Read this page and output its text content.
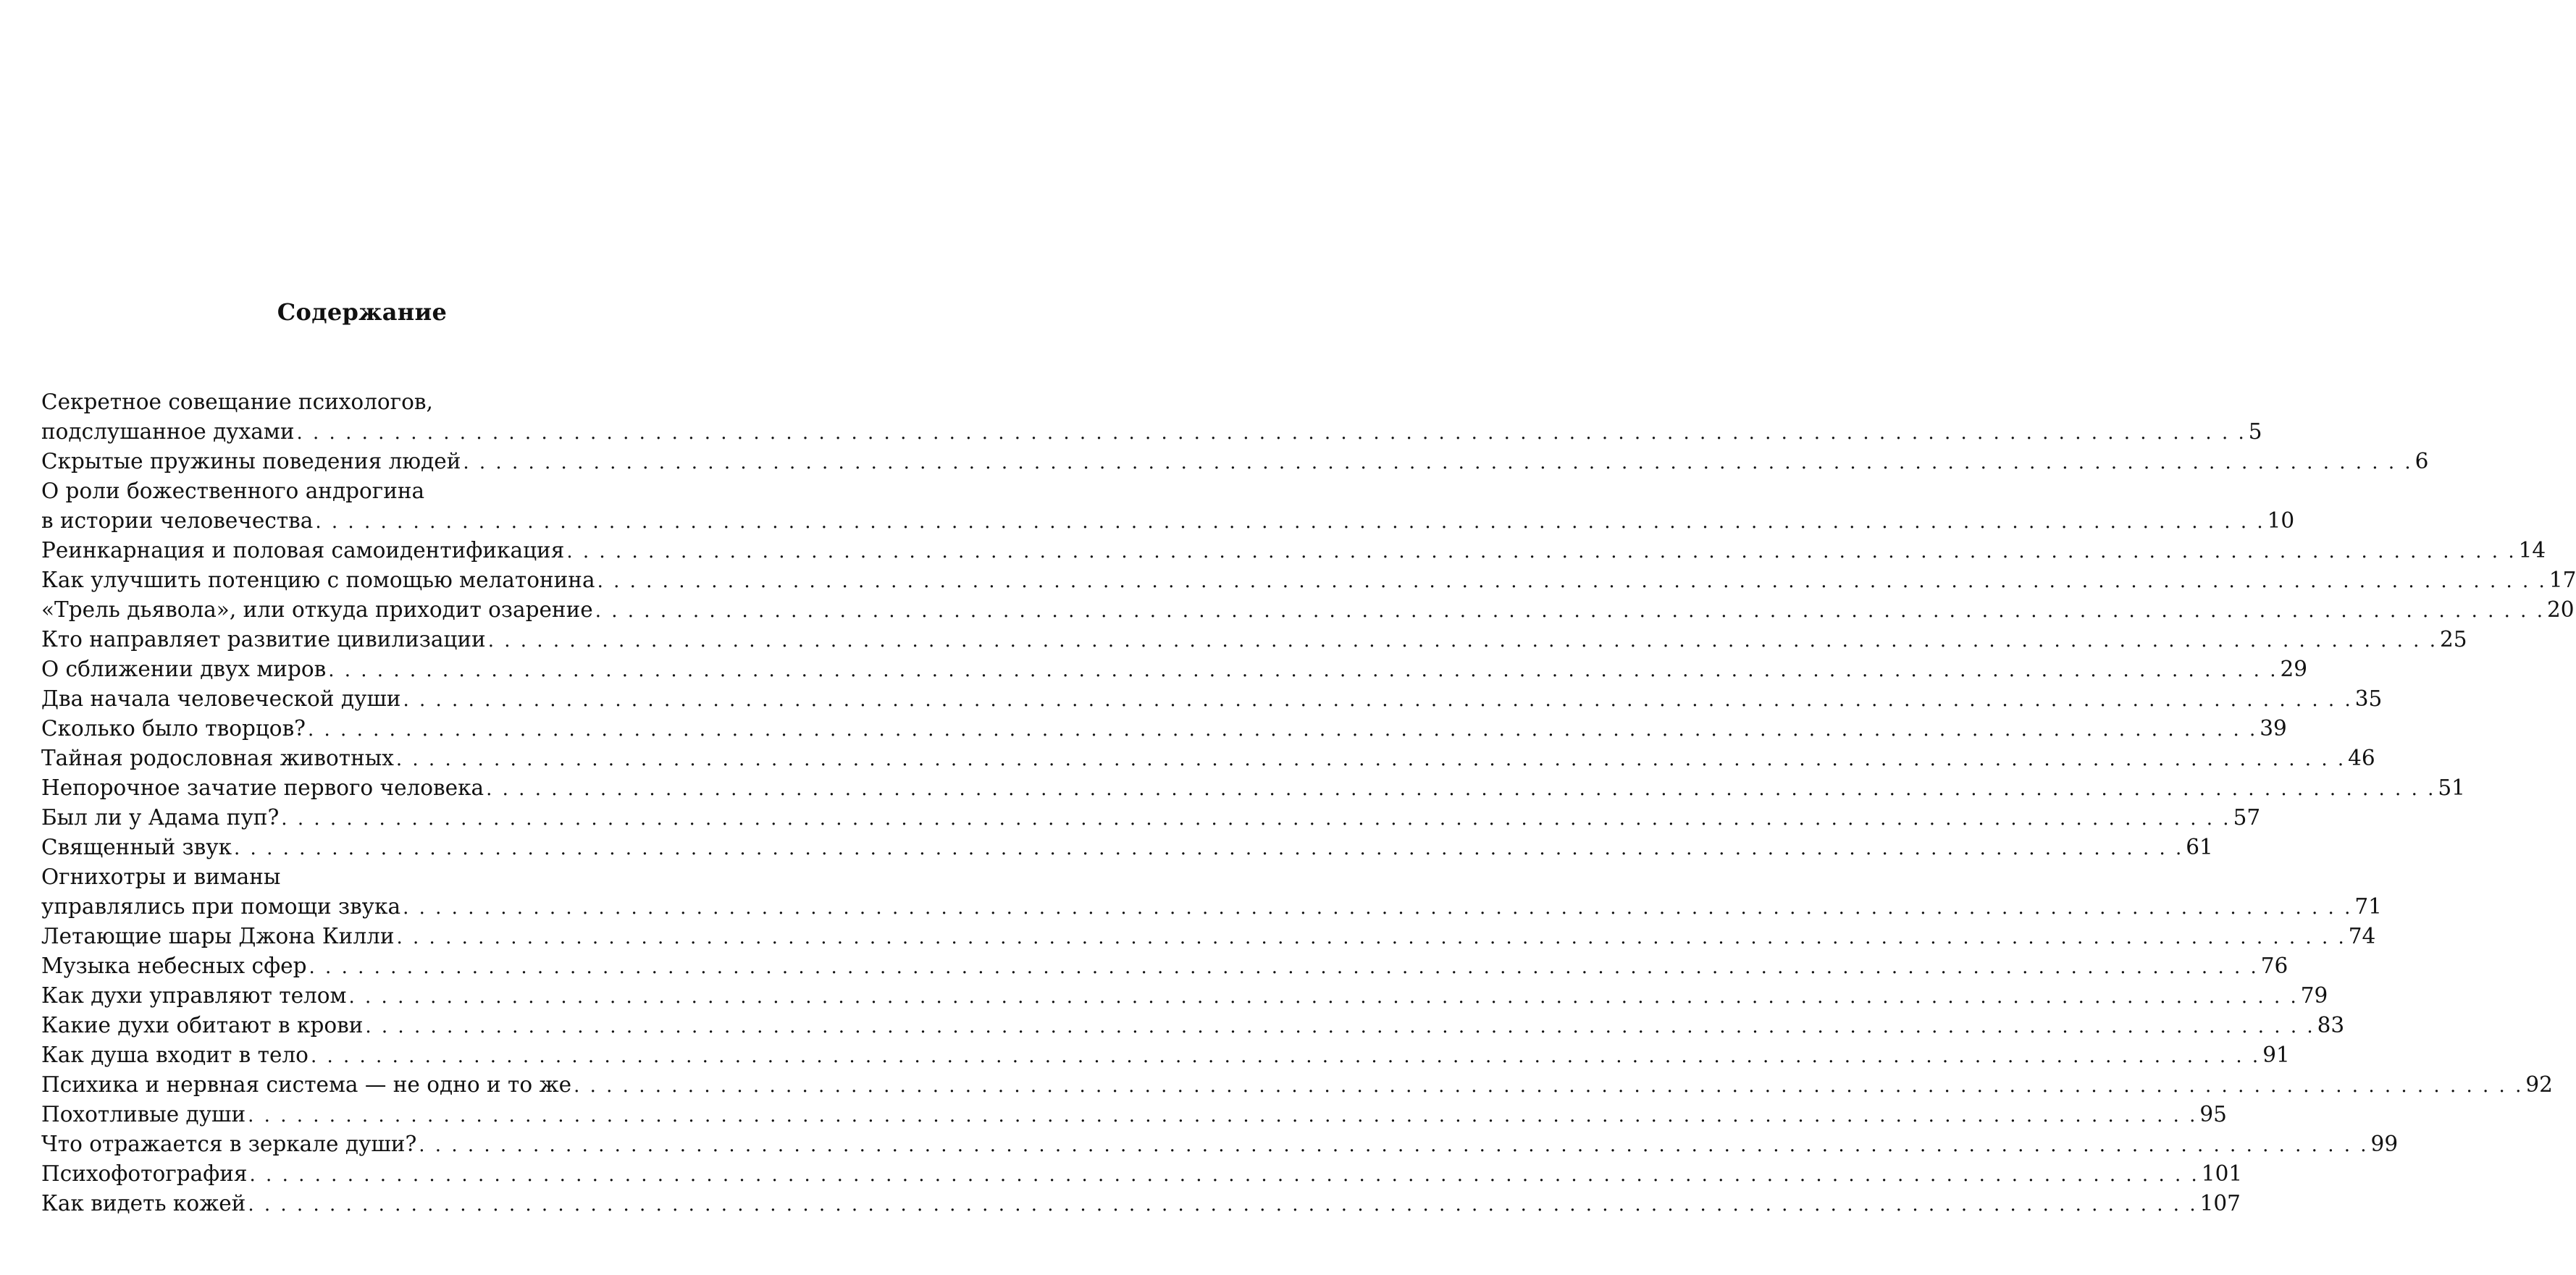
Содержание
Секретное совещание психологов,
подслушанное духами . . . . . . . . . . . . . . . . . . . . . . . . . . . . . . . . . . . . . . . . . . . . . . . . . . . . . . . . . . . . . . . . . . . . . . . . . . . . . . . . . . . . . . . . . . . . . . . . . . . . . . . . . . . . . . . . . . . . . . . . 5
Скрытые пружины поведения людей . . . . . . . . . . . . . . . . . . . . . . . . . . . . . . . . . . . . . . . . . . . . . . . . . . . . . . . . . . . . . . . . . . . . . . . . . . . . . . . . . . . . . . . . . . . . . . . . . . . . . . . . . . . . . . . . . . . . . . . . 6
О роли божественного андрогина
в истории человечества . . . . . . . . . . . . . . . . . . . . . . . . . . . . . . . . . . . . . . . . . . . . . . . . . . . . . . . . . . . . . . . . . . . . . . . . . . . . . . . . . . . . . . . . . . . . . . . . . . . . . . . . . . . . . . . . . . . . . . . . 10
Реинкарнация и половая самоидентификация . . . . . . . . . . . . . . . . . . . . . . . . . . . . . . . . . . . . . . . . . . . . . . . . . . . . . . . . . . . . . . . . . . . . . . . . . . . . . . . . . . . . . . . . . . . . . . . . . . . . . . . . . . . . . . . . . . . . . . . . 14
Как улучшить потенцию с помощью мелатонина . . . . . . . . . . . . . . . . . . . . . . . . . . . . . . . . . . . . . . . . . . . . . . . . . . . . . . . . . . . . . . . . . . . . . . . . . . . . . . . . . . . . . . . . . . . . . . . . . . . . . . . . . . . . . . . . . . . . . . . . 17
«Трель дьявола», или откуда приходит озарение . . . . . . . . . . . . . . . . . . . . . . . . . . . . . . . . . . . . . . . . . . . . . . . . . . . . . . . . . . . . . . . . . . . . . . . . . . . . . . . . . . . . . . . . . . . . . . . . . . . . . . . . . . . . . . . . . . . . . . . . 20
Кто направляет развитие цивилизации . . . . . . . . . . . . . . . . . . . . . . . . . . . . . . . . . . . . . . . . . . . . . . . . . . . . . . . . . . . . . . . . . . . . . . . . . . . . . . . . . . . . . . . . . . . . . . . . . . . . . . . . . . . . . . . . . . . . . . . . 25
О сближении двух миров . . . . . . . . . . . . . . . . . . . . . . . . . . . . . . . . . . . . . . . . . . . . . . . . . . . . . . . . . . . . . . . . . . . . . . . . . . . . . . . . . . . . . . . . . . . . . . . . . . . . . . . . . . . . . . . . . . . . . . . . 29
Два начала человеческой души . . . . . . . . . . . . . . . . . . . . . . . . . . . . . . . . . . . . . . . . . . . . . . . . . . . . . . . . . . . . . . . . . . . . . . . . . . . . . . . . . . . . . . . . . . . . . . . . . . . . . . . . . . . . . . . . . . . . . . . . 35
Сколько было творцов? . . . . . . . . . . . . . . . . . . . . . . . . . . . . . . . . . . . . . . . . . . . . . . . . . . . . . . . . . . . . . . . . . . . . . . . . . . . . . . . . . . . . . . . . . . . . . . . . . . . . . . . . . . . . . . . . . . . . . . . . 39
Тайная родословная животных . . . . . . . . . . . . . . . . . . . . . . . . . . . . . . . . . . . . . . . . . . . . . . . . . . . . . . . . . . . . . . . . . . . . . . . . . . . . . . . . . . . . . . . . . . . . . . . . . . . . . . . . . . . . . . . . . . . . . . . . 46
Непорочное зачатие первого человека . . . . . . . . . . . . . . . . . . . . . . . . . . . . . . . . . . . . . . . . . . . . . . . . . . . . . . . . . . . . . . . . . . . . . . . . . . . . . . . . . . . . . . . . . . . . . . . . . . . . . . . . . . . . . . . . . . . . . . . . 51
Был ли у Адама пуп? . . . . . . . . . . . . . . . . . . . . . . . . . . . . . . . . . . . . . . . . . . . . . . . . . . . . . . . . . . . . . . . . . . . . . . . . . . . . . . . . . . . . . . . . . . . . . . . . . . . . . . . . . . . . . . . . . . . . . . . . 57
Священный звук . . . . . . . . . . . . . . . . . . . . . . . . . . . . . . . . . . . . . . . . . . . . . . . . . . . . . . . . . . . . . . . . . . . . . . . . . . . . . . . . . . . . . . . . . . . . . . . . . . . . . . . . . . . . . . . . . . . . . . . . 61
Огнихотры и виманы
управлялись при помощи звука . . . . . . . . . . . . . . . . . . . . . . . . . . . . . . . . . . . . . . . . . . . . . . . . . . . . . . . . . . . . . . . . . . . . . . . . . . . . . . . . . . . . . . . . . . . . . . . . . . . . . . . . . . . . . . . . . . . . . . . . 71
Летающие шары Джона Килли . . . . . . . . . . . . . . . . . . . . . . . . . . . . . . . . . . . . . . . . . . . . . . . . . . . . . . . . . . . . . . . . . . . . . . . . . . . . . . . . . . . . . . . . . . . . . . . . . . . . . . . . . . . . . . . . . . . . . . . . 74
Музыка небесных сфер . . . . . . . . . . . . . . . . . . . . . . . . . . . . . . . . . . . . . . . . . . . . . . . . . . . . . . . . . . . . . . . . . . . . . . . . . . . . . . . . . . . . . . . . . . . . . . . . . . . . . . . . . . . . . . . . . . . . . . . . 76
Как духи управляют телом . . . . . . . . . . . . . . . . . . . . . . . . . . . . . . . . . . . . . . . . . . . . . . . . . . . . . . . . . . . . . . . . . . . . . . . . . . . . . . . . . . . . . . . . . . . . . . . . . . . . . . . . . . . . . . . . . . . . . . . . 79
Какие духи обитают в крови . . . . . . . . . . . . . . . . . . . . . . . . . . . . . . . . . . . . . . . . . . . . . . . . . . . . . . . . . . . . . . . . . . . . . . . . . . . . . . . . . . . . . . . . . . . . . . . . . . . . . . . . . . . . . . . . . . . . . . . . 83
Как душа входит в тело . . . . . . . . . . . . . . . . . . . . . . . . . . . . . . . . . . . . . . . . . . . . . . . . . . . . . . . . . . . . . . . . . . . . . . . . . . . . . . . . . . . . . . . . . . . . . . . . . . . . . . . . . . . . . . . . . . . . . . . . 91
Психика и нервная система — не одно и то же . . . . . . . . . . . . . . . . . . . . . . . . . . . . . . . . . . . . . . . . . . . . . . . . . . . . . . . . . . . . . . . . . . . . . . . . . . . . . . . . . . . . . . . . . . . . . . . . . . . . . . . . . . . . . . . . . . . . . . . . 92
Похотливые души . . . . . . . . . . . . . . . . . . . . . . . . . . . . . . . . . . . . . . . . . . . . . . . . . . . . . . . . . . . . . . . . . . . . . . . . . . . . . . . . . . . . . . . . . . . . . . . . . . . . . . . . . . . . . . . . . . . . . . . . 95
Что отражается в зеркале души? . . . . . . . . . . . . . . . . . . . . . . . . . . . . . . . . . . . . . . . . . . . . . . . . . . . . . . . . . . . . . . . . . . . . . . . . . . . . . . . . . . . . . . . . . . . . . . . . . . . . . . . . . . . . . . . . . . . . . . . . 99
Психофотография . . . . . . . . . . . . . . . . . . . . . . . . . . . . . . . . . . . . . . . . . . . . . . . . . . . . . . . . . . . . . . . . . . . . . . . . . . . . . . . . . . . . . . . . . . . . . . . . . . . . . . . . . . . . . . . . . . . . . . . . 101
Как видеть кожей . . . . . . . . . . . . . . . . . . . . . . . . . . . . . . . . . . . . . . . . . . . . . . . . . . . . . . . . . . . . . . . . . . . . . . . . . . . . . . . . . . . . . . . . . . . . . . . . . . . . . . . . . . . . . . . . . . . . . . . . 107
